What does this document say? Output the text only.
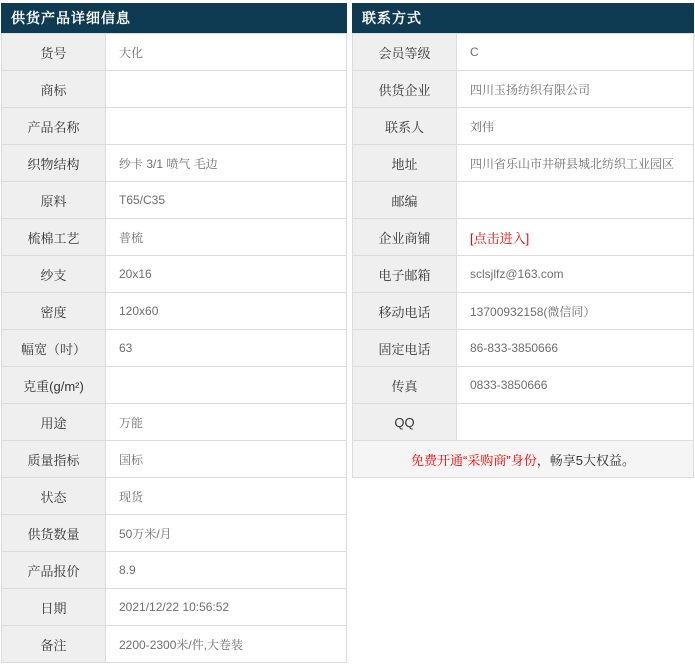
供货产品详细信息
货号	大化
商标	
产品名称	
织物结构	纱卡 3/1 喷气 毛边
原料	T65/C35
梳棉工艺	普梳
纱支	20x16
密度	120x60
幅宽（吋）	63
克重(g/m²)	
用途	万能
质量指标	国标
状态	现货
供货数量	50万米/月
产品报价	8.9
日期	2021/12/22 10:56:52
备注	2200-2300米/件,大卷装
联系方式
会员等级	C
供货企业	四川玉扬纺织有限公司
联系人	刘伟
地址	四川省乐山市井研县城北纺织工业园区
邮编	
企业商铺	[点击进入]
电子邮箱	sclsjlfz@163.com
移动电话	13700932158(微信同）
固定电话	86-833-3850666
传真	0833-3850666
QQ	
免费开通“采购商”身份，畅享5大权益。	
